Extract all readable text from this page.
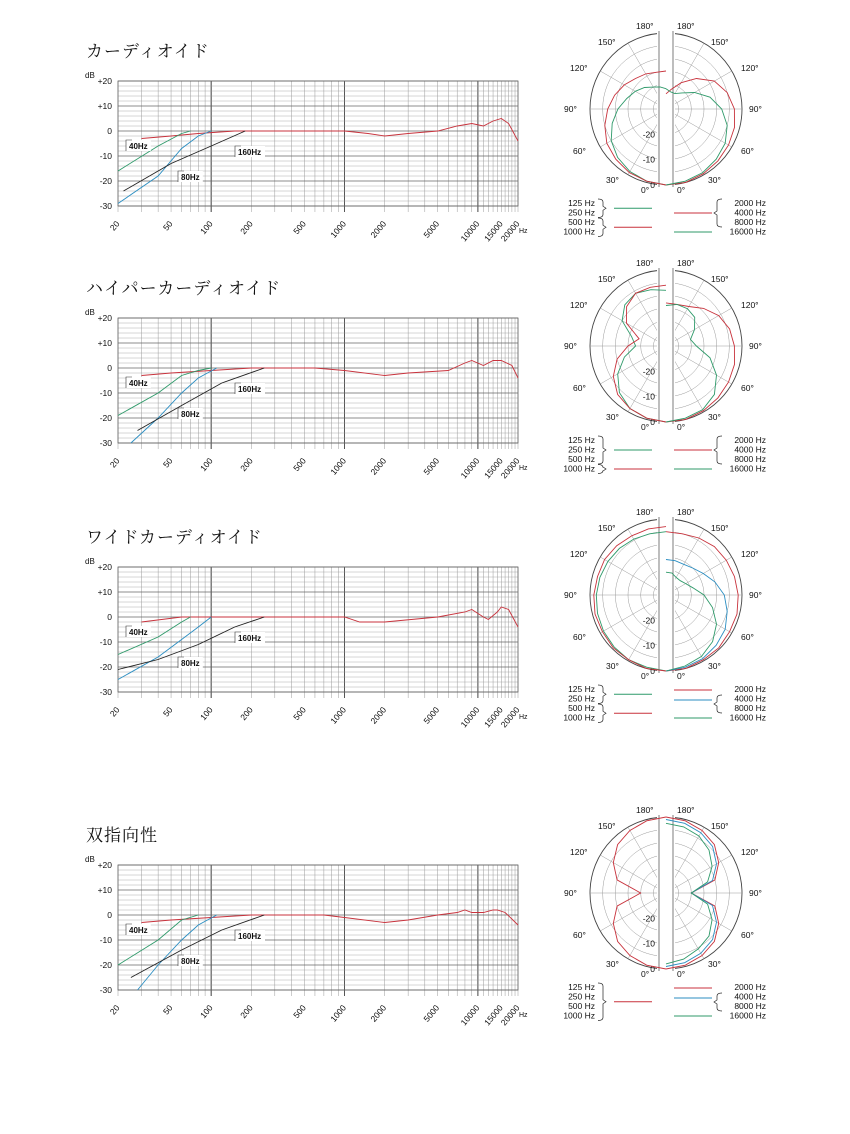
カーディオイド
dB
+20
+10
0
-10
-20
-30
20	50	100	200	500 1000 2000	5000 10000 15000
20000
Hz
40Hz
80Hz
160Hz
180°	180°
150°	150°
120°	120°
90°	90°
60°	60°
30°	30°
0°	0°
-20
-10
0
125 Hz
250 Hz
500 Hz
1000 Hz
2000 Hz
4000 Hz
8000 Hz
16000 Hz
ハイパーカーディオイド
dB
+20
+10
0
-10
-20
-30
20	50	100	200	500 1000 2000	5000 10000 15000
20000
Hz
40Hz
80Hz
160Hz
180°	180°
150°	150°
120°	120°
90°	90°
60°	60°
30°	30°
0°	0°
-20
-10
0
125 Hz
250 Hz
500 Hz
1000 Hz
2000 Hz
4000 Hz
8000 Hz
16000 Hz
ワイドカーディオイド
dB
+20
+10
0
-10
-20
-30
20	50	100	200	500 1000 2000	5000 10000 15000
20000
Hz
40Hz
80Hz
160Hz
180°	180°
150°	150°
120°	120°
90°	90°
60°	60°
30°	30°
0°	0°
-20
-10
0
125 Hz
250 Hz
500 Hz
1000 Hz
2000 Hz
4000 Hz
8000 Hz
16000 Hz
双指向性
dB
+20
+10
0
-10
-20
-30
20	50	100	200	500 1000 2000	5000 10000 15000
20000
Hz
40Hz
80Hz
160Hz
180°	180°
150°	150°
120°	120°
90°	90°
60°	60°
30°	30°
0°	0°
-20
-10
0
125 Hz
250 Hz
500 Hz
1000 Hz
2000 Hz
4000 Hz
8000 Hz
16000 Hz
